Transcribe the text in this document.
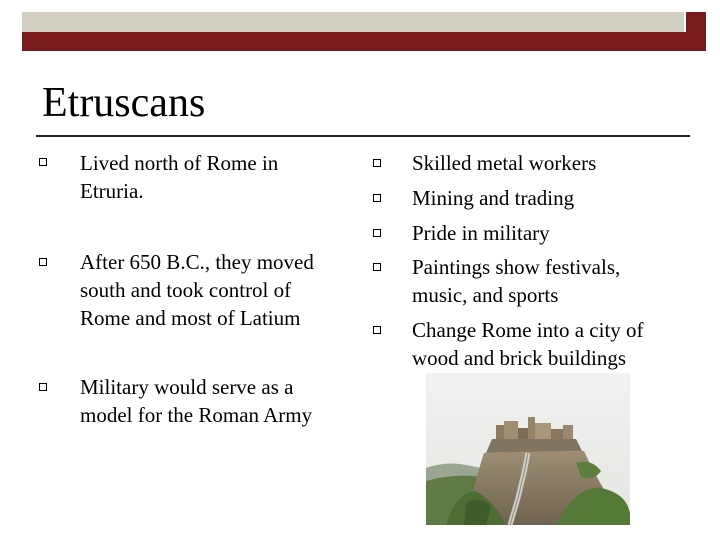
Etruscans
Lived north of Rome in
Etruria.
After 650 B.C., they moved
south and took control of
Rome and most of Latium
Military would serve as a
model for the Roman Army
Skilled metal workers
Mining and trading
Pride in military
Paintings show festivals,
music, and sports
Change Rome into a city of
wood and brick buildings
